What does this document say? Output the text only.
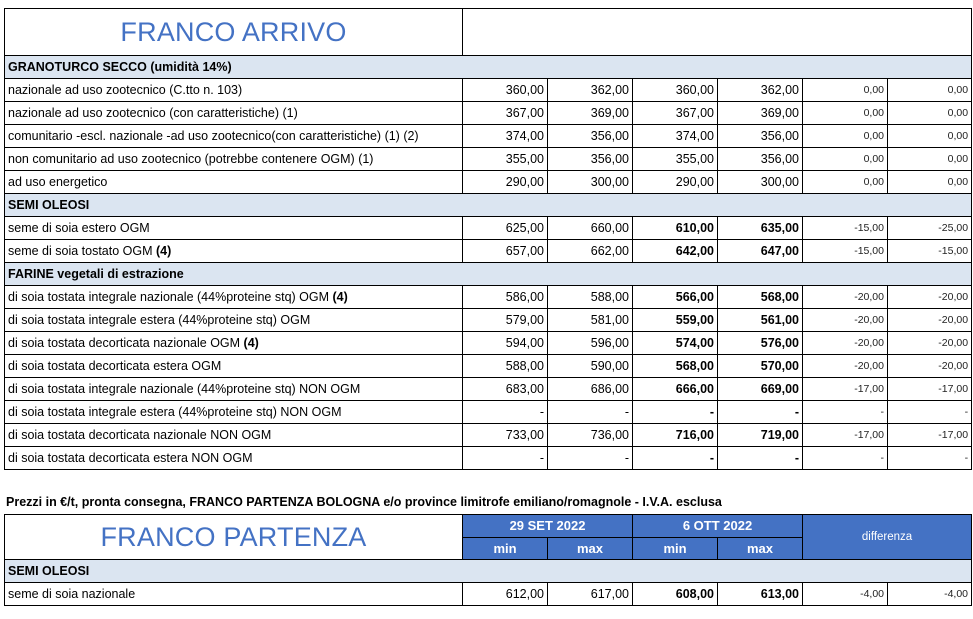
FRANCO ARRIVO						
GRANOTURCO SECCO (umidità 14%)						
nazionale ad uso zootecnico (C.tto n. 103)	360,00	362,00	360,00	362,00	0,00	0,00
nazionale ad uso zootecnico (con caratteristiche) (1)	367,00	369,00	367,00	369,00	0,00	0,00
comunitario -escl. nazionale -ad uso zootecnico(con caratteristiche) (1) (2)	374,00	356,00	374,00	356,00	0,00	0,00
non comunitario ad uso zootecnico (potrebbe contenere OGM) (1)	355,00	356,00	355,00	356,00	0,00	0,00
ad uso energetico	290,00	300,00	290,00	300,00	0,00	0,00
SEMI OLEOSI						
seme di soia estero OGM	625,00	660,00	610,00	635,00	-15,00	-25,00
seme di soia tostato OGM (4)	657,00	662,00	642,00	647,00	-15,00	-15,00
FARINE vegetali di estrazione						
di soia tostata integrale nazionale (44%proteine stq) OGM (4)	586,00	588,00	566,00	568,00	-20,00	-20,00
di soia tostata integrale estera (44%proteine stq) OGM	579,00	581,00	559,00	561,00	-20,00	-20,00
di soia tostata decorticata nazionale OGM (4)	594,00	596,00	574,00	576,00	-20,00	-20,00
di soia tostata decorticata estera OGM	588,00	590,00	568,00	570,00	-20,00	-20,00
di soia tostata integrale nazionale (44%proteine stq) NON OGM	683,00	686,00	666,00	669,00	-17,00	-17,00
di soia tostata integrale estera (44%proteine stq) NON OGM	-	-	-	-	-	-
di soia tostata decorticata nazionale NON OGM	733,00	736,00	716,00	719,00	-17,00	-17,00
di soia tostata decorticata estera NON OGM	-	-	-	-	-	-
Prezzi in €/t, pronta consegna, FRANCO PARTENZA BOLOGNA e/o province limitrofe emiliano/romagnole - I.V.A. esclusa
FRANCO PARTENZA	29 SET 2022		6 OTT 2022		differenza	
	min	max	min	max		
SEMI OLEOSI						
seme di soia nazionale	612,00	617,00	608,00	613,00	-4,00	-4,00
